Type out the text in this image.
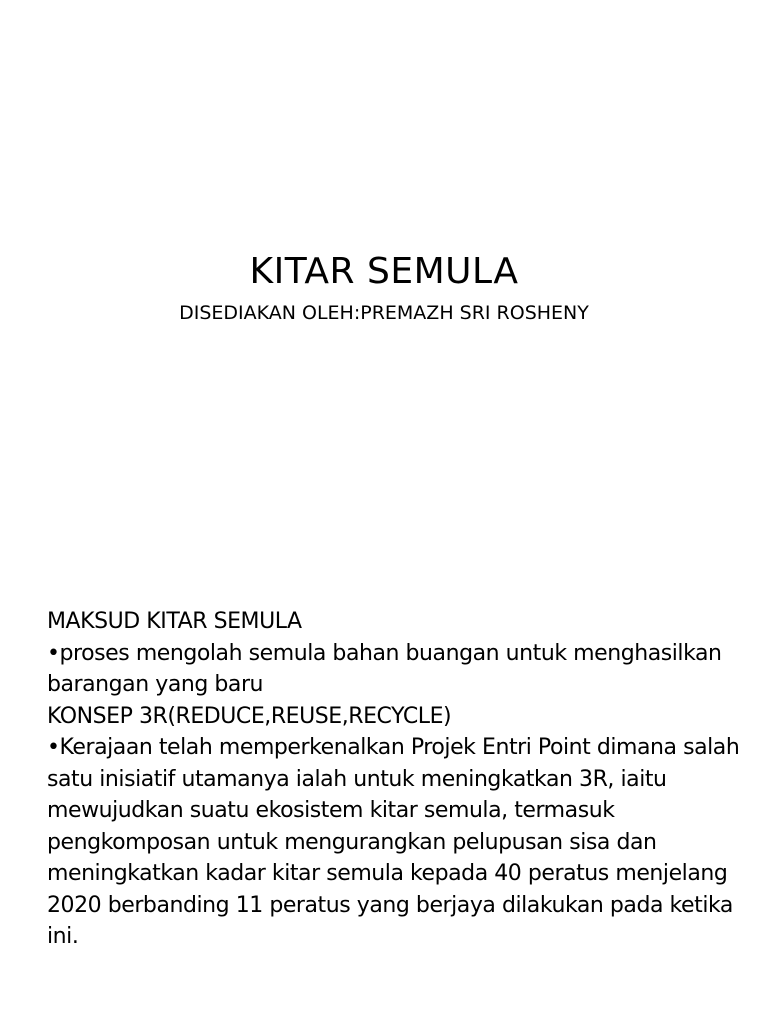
KITAR SEMULA
DISEDIAKAN OLEH:PREMAZH SRI ROSHENY

MAKSUD KITAR SEMULA

•proses mengolah semula bahan buangan untuk menghasilkan barangan yang baru

KONSEP 3R(REDUCE,REUSE,RECYCLE)

•Kerajaan telah memperkenalkan Projek Entri Point dimana salah satu inisiatif utamanya ialah untuk meningkatkan 3R, iaitu mewujudkan suatu ekosistem kitar semula, termasuk pengkomposan untuk mengurangkan pelupusan sisa dan meningkatkan kadar kitar semula kepada 40 peratus menjelang 2020 berbanding 11 peratus yang berjaya dilakukan pada ketika ini.
